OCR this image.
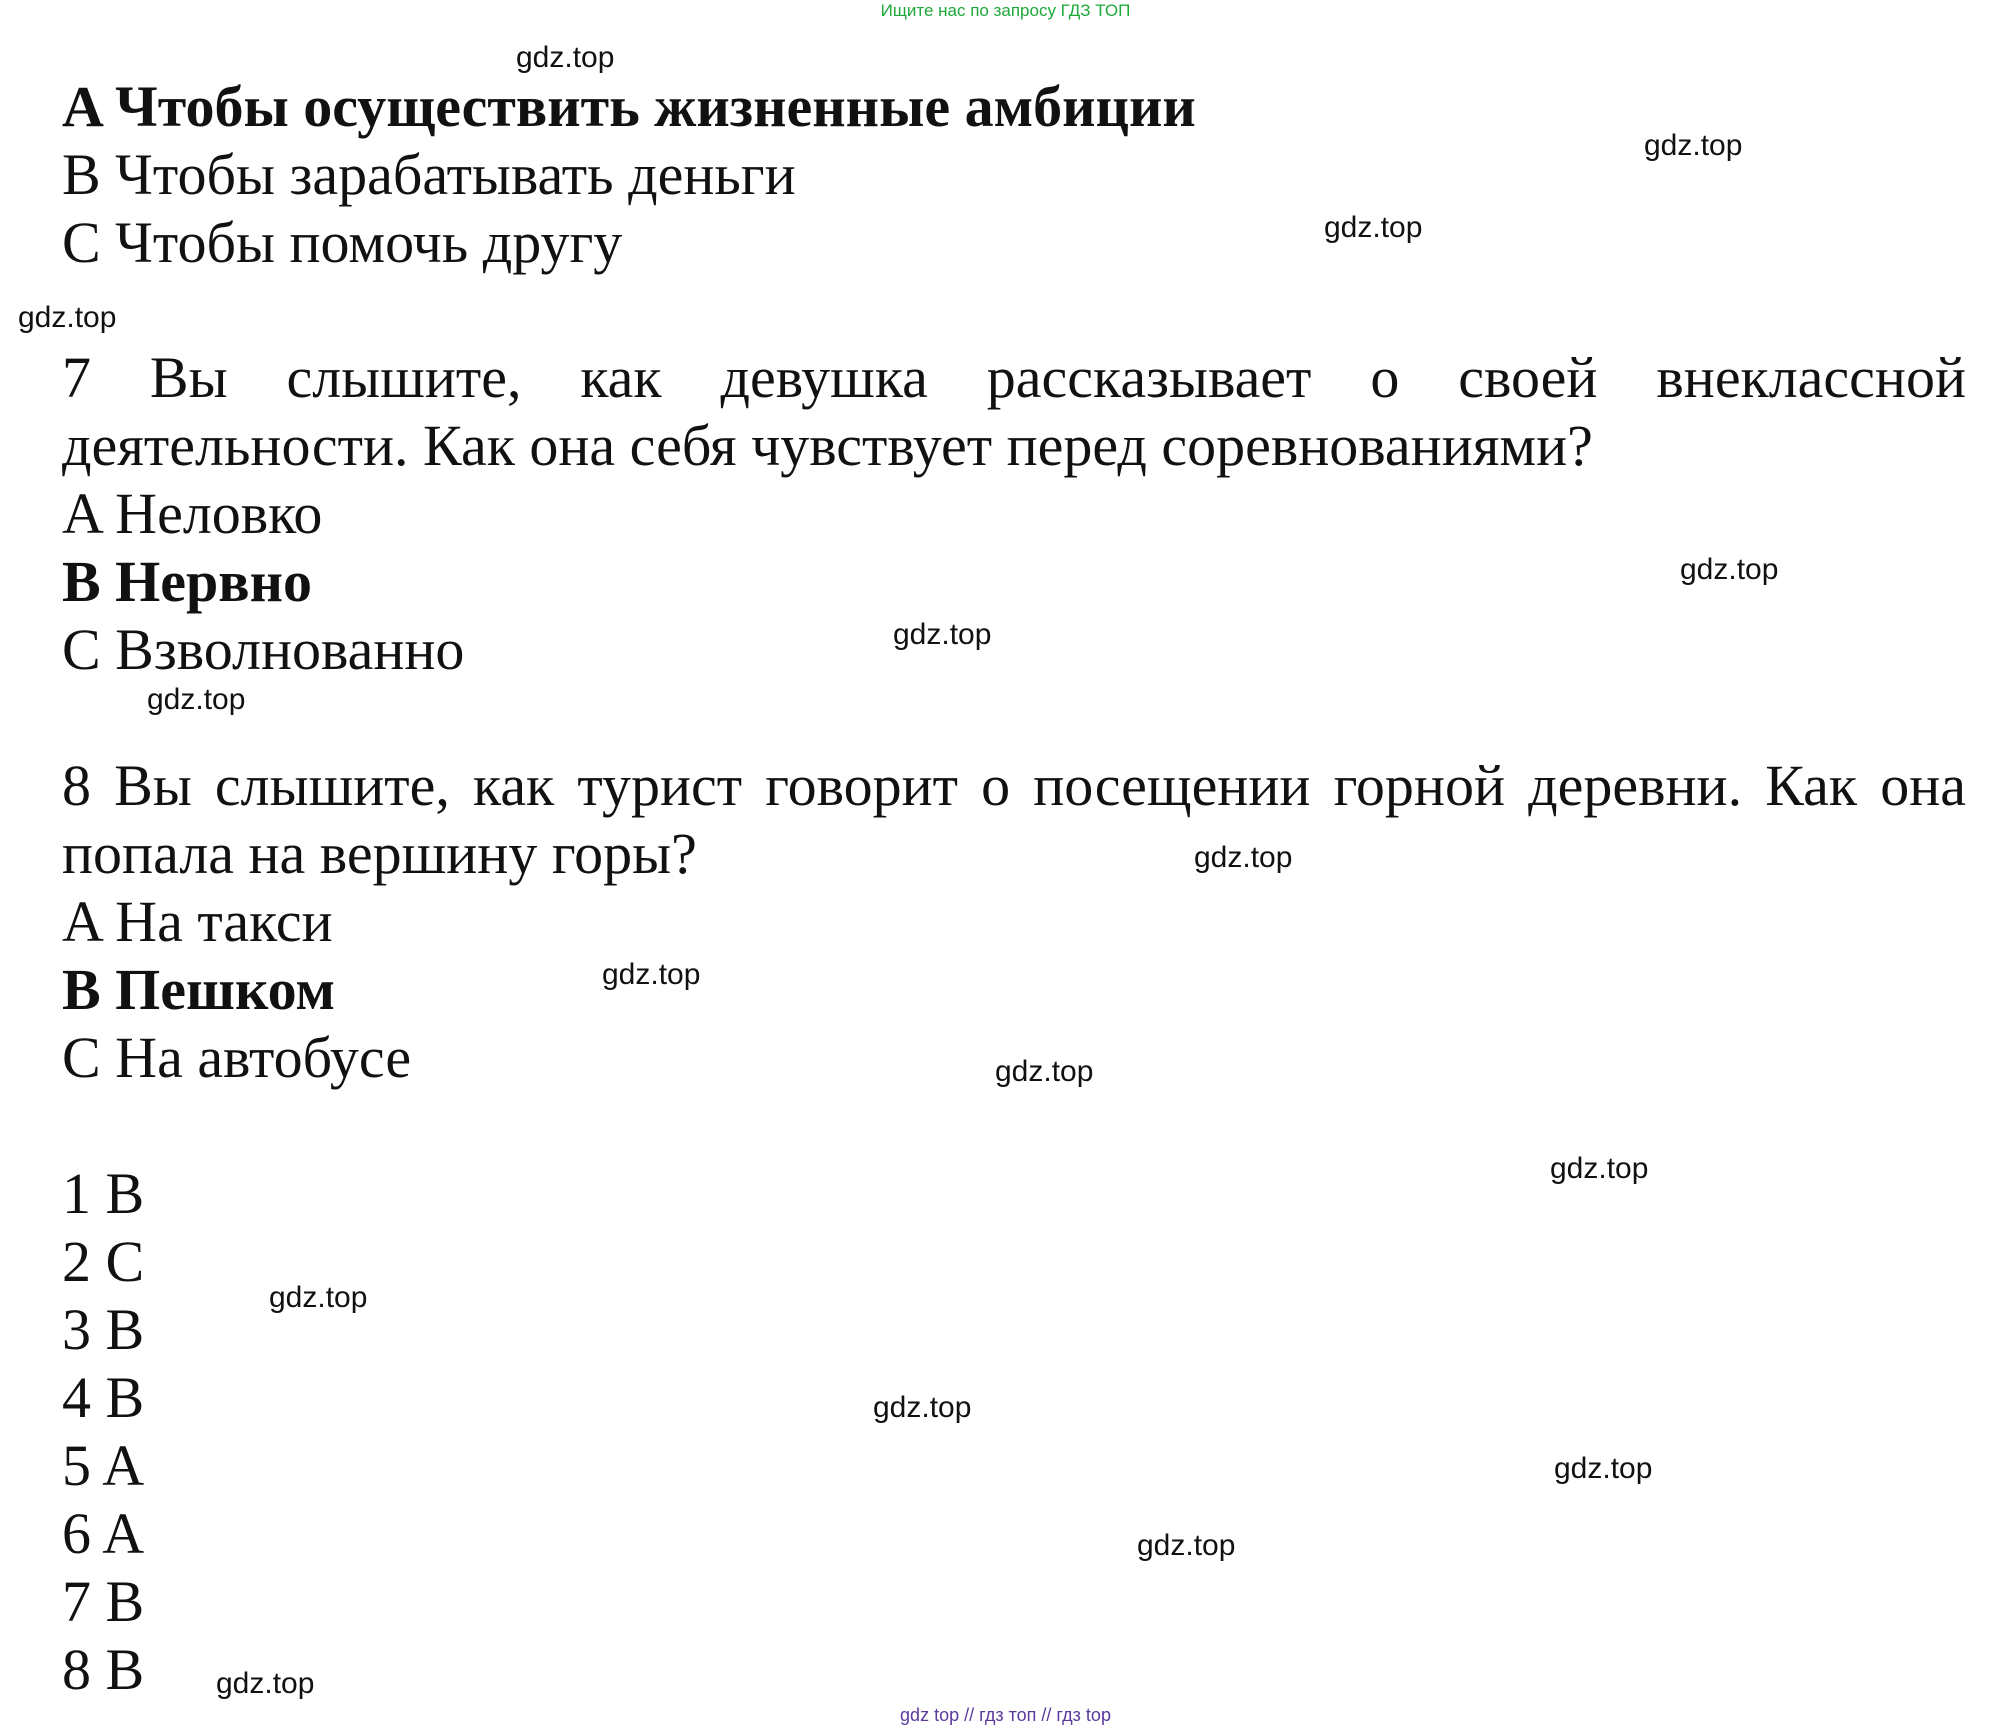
Ищите нас по запросу ГДЗ ТОП
A Чтобы осуществить жизненные амбиции
B Чтобы зарабатывать деньги
C Чтобы помочь другу
7 Вы слышите, как девушка рассказывает о своей внеклассной деятельности. Как она себя чувствует перед соревнованиями?
A Неловко
B Нервно
C Взволнованно
8 Вы слышите, как турист говорит о посещении горной деревни. Как она попала на вершину горы?
A На такси
B Пешком
C На автобусе
1 B
2 C
3 B
4 B
5 A
6 A
7 B
8 B
gdz.top
gdz.top
gdz.top
gdz.top
gdz.top
gdz.top
gdz.top
gdz.top
gdz.top
gdz.top
gdz.top
gdz.top
gdz.top
gdz.top
gdz.top
gdz.top
gdz top // гдз топ // гдз top
